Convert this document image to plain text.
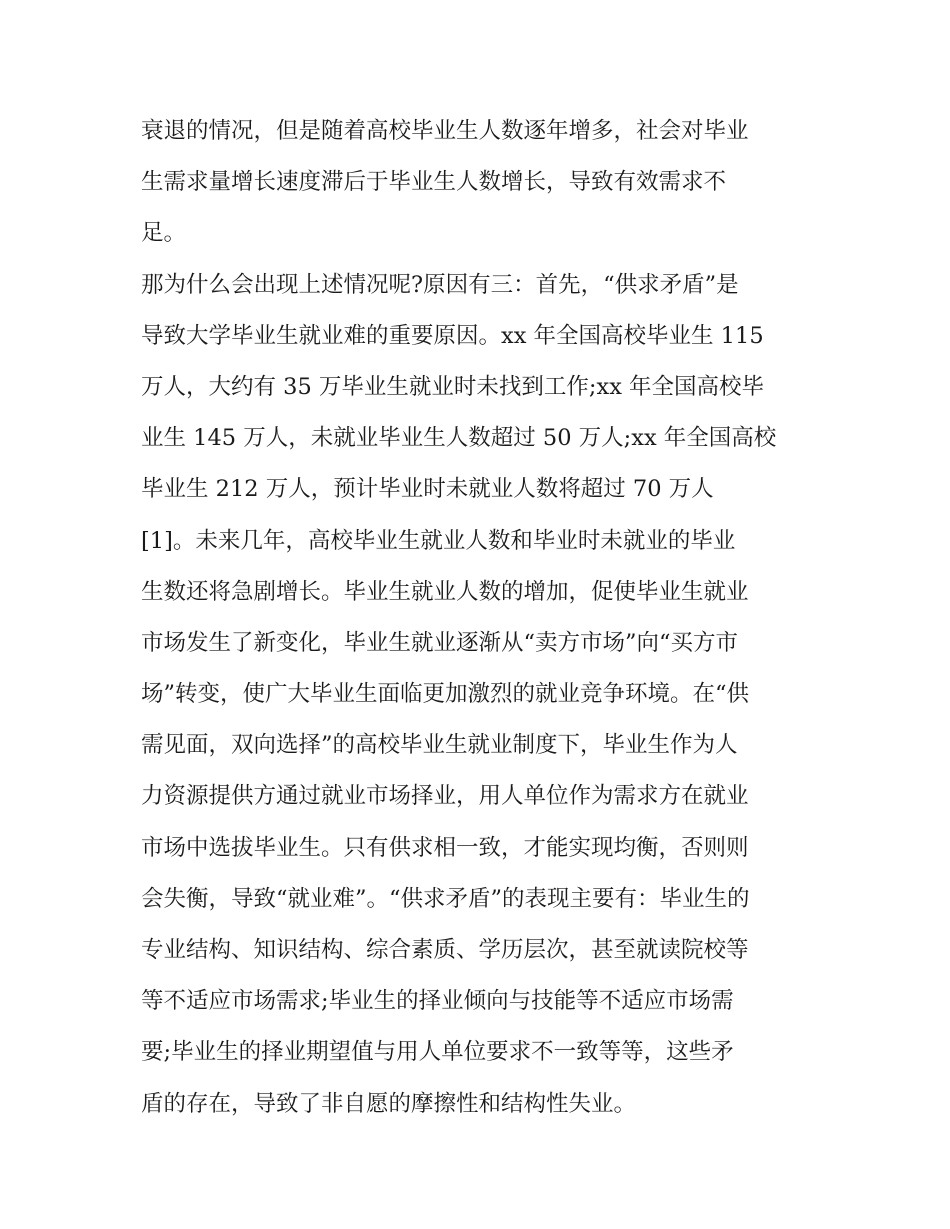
衰退的情况，但是随着高校毕业生人数逐年增多，社会对毕业
生需求量增长速度滞后于毕业生人数增长，导致有效需求不
足。
那为什么会出现上述情况呢?原因有三：首先，“供求矛盾”是
导致大学毕业生就业难的重要原因。xx 年全国高校毕业生 115
万人，大约有 35 万毕业生就业时未找到工作;xx 年全国高校毕
业生 145 万人，未就业毕业生人数超过 50 万人;xx 年全国高校
毕业生 212 万人，预计毕业时未就业人数将超过 70 万人
[1]。未来几年，高校毕业生就业人数和毕业时未就业的毕业
生数还将急剧增长。毕业生就业人数的增加，促使毕业生就业
市场发生了新变化，毕业生就业逐渐从“卖方市场”向“买方市
场”转变，使广大毕业生面临更加激烈的就业竞争环境。在“供
需见面，双向选择”的高校毕业生就业制度下，毕业生作为人
力资源提供方通过就业市场择业，用人单位作为需求方在就业
市场中选拔毕业生。只有供求相一致，才能实现均衡，否则则
会失衡，导致“就业难”。“供求矛盾”的表现主要有：毕业生的
专业结构、知识结构、综合素质、学历层次，甚至就读院校等
等不适应市场需求;毕业生的择业倾向与技能等不适应市场需
要;毕业生的择业期望值与用人单位要求不一致等等，这些矛
盾的存在，导致了非自愿的摩擦性和结构性失业。
